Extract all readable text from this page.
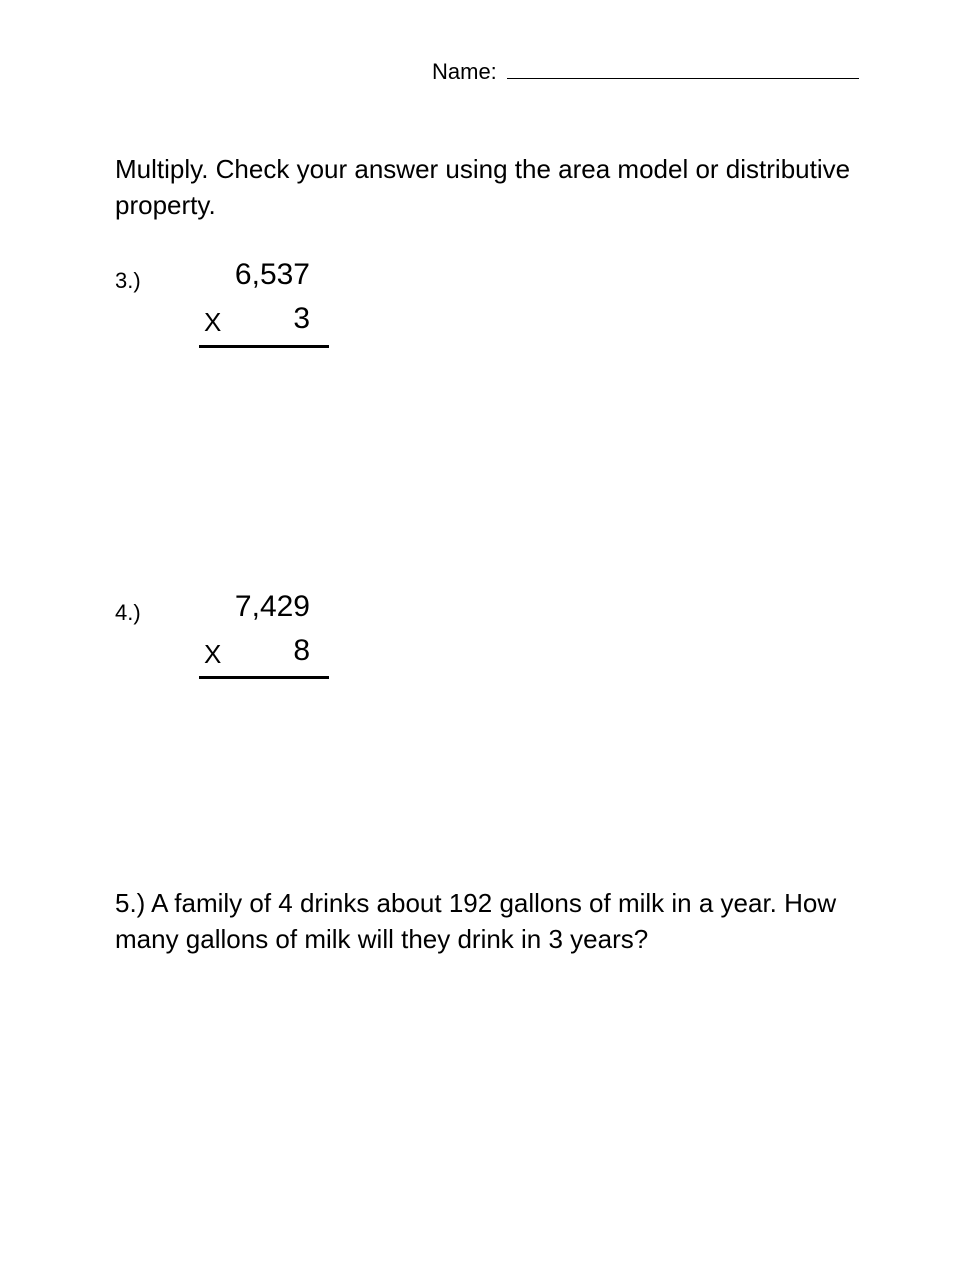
Name:
Multiply. Check your answer using the area model or distributive property.
3.)	6,537
X	3
4.)	7,429
X	8
5.) A family of 4 drinks about 192 gallons of milk in a year. How many gallons of milk will they drink in 3 years?
